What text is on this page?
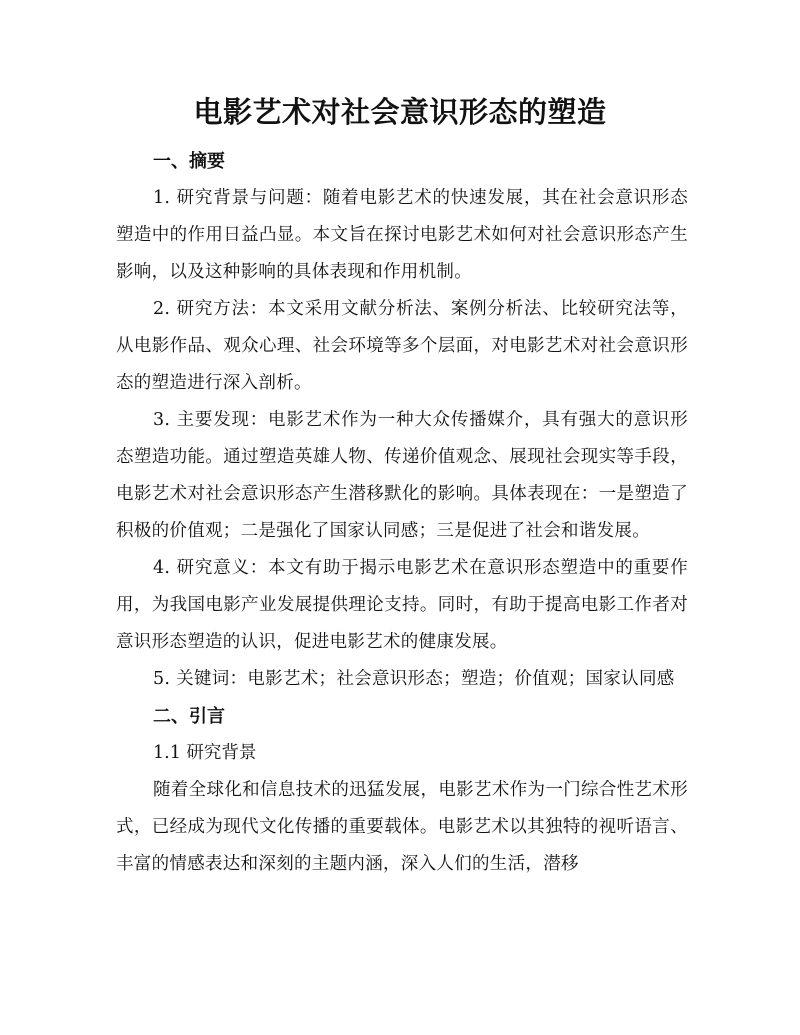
电影艺术对社会意识形态的塑造
一、摘要

1. 研究背景与问题：随着电影艺术的快速发展，其在社会意识形态塑造中的作用日益凸显。本文旨在探讨电影艺术如何对社会意识形态产生影响，以及这种影响的具体表现和作用机制。

2. 研究方法：本文采用文献分析法、案例分析法、比较研究法等，从电影作品、观众心理、社会环境等多个层面，对电影艺术对社会意识形态的塑造进行深入剖析。

3. 主要发现：电影艺术作为一种大众传播媒介，具有强大的意识形态塑造功能。通过塑造英雄人物、传递价值观念、展现社会现实等手段，电影艺术对社会意识形态产生潜移默化的影响。具体表现在：一是塑造了积极的价值观；二是强化了国家认同感；三是促进了社会和谐发展。

4. 研究意义：本文有助于揭示电影艺术在意识形态塑造中的重要作用，为我国电影产业发展提供理论支持。同时，有助于提高电影工作者对意识形态塑造的认识，促进电影艺术的健康发展。

5. 关键词：电影艺术；社会意识形态；塑造；价值观；国家认同感

二、引言

1.1 研究背景

随着全球化和信息技术的迅猛发展，电影艺术作为一门综合性艺术形式，已经成为现代文化传播的重要载体。电影艺术以其独特的视听语言、丰富的情感表达和深刻的主题内涵，深入人们的生活，潜移
